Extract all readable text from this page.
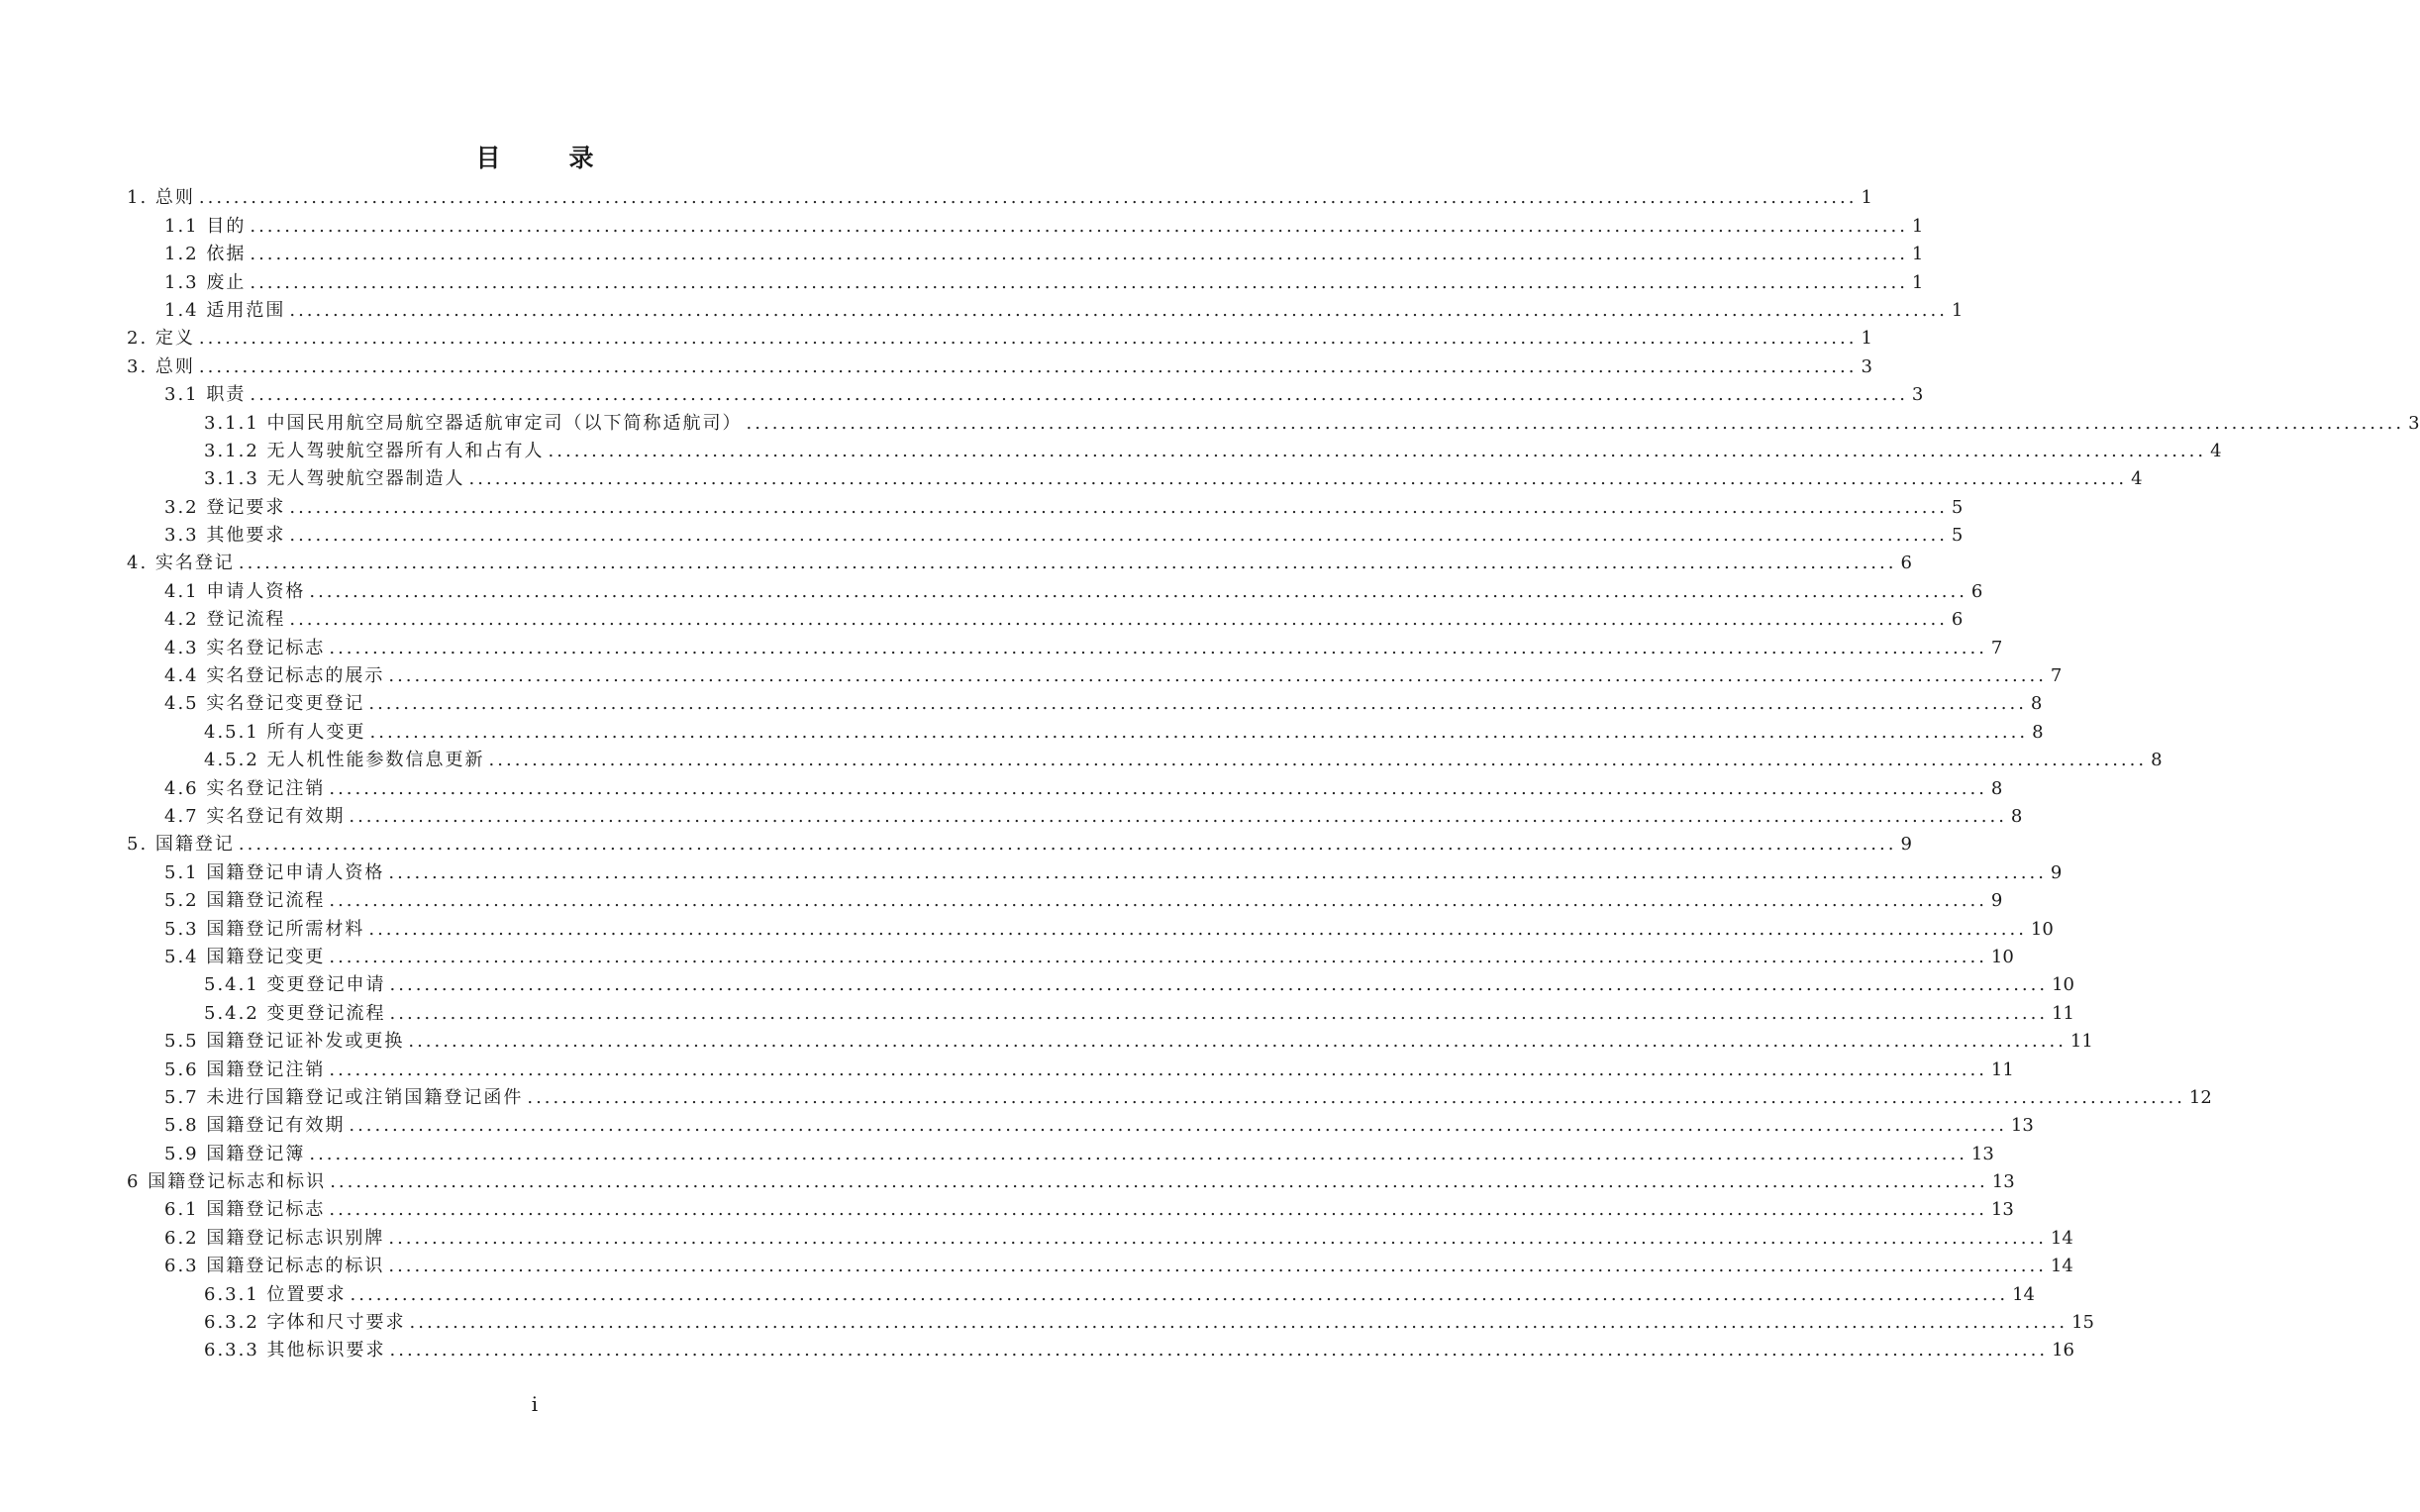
目　录
1. 总则 ................................................................................................................................................................................................ 1
1.1 目的 ................................................................................................................................................................................................ 1
1.2 依据 ................................................................................................................................................................................................ 1
1.3 废止 ................................................................................................................................................................................................ 1
1.4 适用范围 ................................................................................................................................................................................................ 1
2. 定义 ................................................................................................................................................................................................ 1
3. 总则 ................................................................................................................................................................................................ 3
3.1 职责 ................................................................................................................................................................................................ 3
3.1.1 中国民用航空局航空器适航审定司（以下简称适航司） ................................................................................................................................................................................................ 3
3.1.2 无人驾驶航空器所有人和占有人 ................................................................................................................................................................................................ 4
3.1.3 无人驾驶航空器制造人 ................................................................................................................................................................................................ 4
3.2 登记要求 ................................................................................................................................................................................................ 5
3.3 其他要求 ................................................................................................................................................................................................ 5
4. 实名登记 ................................................................................................................................................................................................ 6
4.1 申请人资格 ................................................................................................................................................................................................ 6
4.2 登记流程 ................................................................................................................................................................................................ 6
4.3 实名登记标志 ................................................................................................................................................................................................ 7
4.4 实名登记标志的展示 ................................................................................................................................................................................................ 7
4.5 实名登记变更登记 ................................................................................................................................................................................................ 8
4.5.1 所有人变更 ................................................................................................................................................................................................ 8
4.5.2 无人机性能参数信息更新 ................................................................................................................................................................................................ 8
4.6 实名登记注销 ................................................................................................................................................................................................ 8
4.7 实名登记有效期 ................................................................................................................................................................................................ 8
5. 国籍登记 ................................................................................................................................................................................................ 9
5.1 国籍登记申请人资格 ................................................................................................................................................................................................ 9
5.2 国籍登记流程 ................................................................................................................................................................................................ 9
5.3 国籍登记所需材料 ................................................................................................................................................................................................ 10
5.4 国籍登记变更 ................................................................................................................................................................................................ 10
5.4.1 变更登记申请 ................................................................................................................................................................................................ 10
5.4.2 变更登记流程 ................................................................................................................................................................................................ 11
5.5 国籍登记证补发或更换 ................................................................................................................................................................................................ 11
5.6 国籍登记注销 ................................................................................................................................................................................................ 11
5.7 未进行国籍登记或注销国籍登记函件 ................................................................................................................................................................................................ 12
5.8 国籍登记有效期 ................................................................................................................................................................................................ 13
5.9 国籍登记簿 ................................................................................................................................................................................................ 13
6 国籍登记标志和标识 ................................................................................................................................................................................................ 13
6.1 国籍登记标志 ................................................................................................................................................................................................ 13
6.2 国籍登记标志识别牌 ................................................................................................................................................................................................ 14
6.3 国籍登记标志的标识 ................................................................................................................................................................................................ 14
6.3.1 位置要求 ................................................................................................................................................................................................ 14
6.3.2 字体和尺寸要求 ................................................................................................................................................................................................ 15
6.3.3 其他标识要求 ................................................................................................................................................................................................ 16
i
